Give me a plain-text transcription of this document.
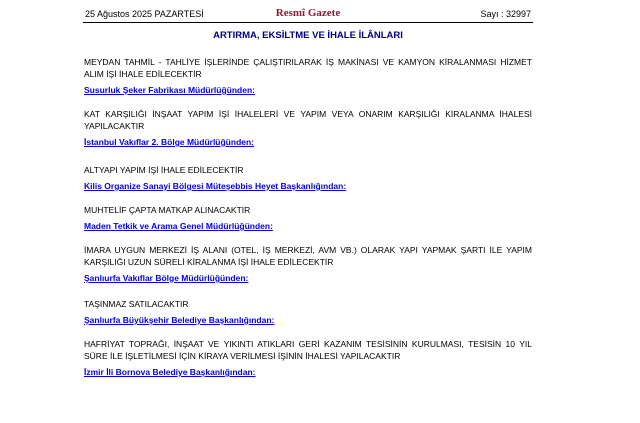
25 Ağustos 2025 PAZARTESİ	Resmî Gazete	Sayı : 32997
ARTIRMA, EKSİLTME VE İHALE İLÂNLARI
MEYDAN TAHMİL - TAHLİYE İŞLERİNDE ÇALIŞTIRILARAK İŞ MAKİNASI VE KAMYON KİRALANMASI HİZMET ALIM İŞİ İHALE EDİLECEKTİR
Susurluk Şeker Fabrikası Müdürlüğünden:
KAT KARŞILIĞI İNŞAAT YAPIM İŞİ İHALELERİ VE YAPIM VEYA ONARIM KARŞILIĞI KİRALANMA İHALESİ YAPILACAKTIR
İstanbul Vakıflar 2. Bölge Müdürlüğünden:
ALTYAPI YAPIM İŞİ İHALE EDİLECEKTİR
Kilis Organize Sanayi Bölgesi Müteşebbis Heyet Başkanlığından:
MUHTELİF ÇAPTA MATKAP ALINACAKTIR
Maden Tetkik ve Arama Genel Müdürlüğünden:
İMARA UYGUN MERKEZİ İŞ ALANI (OTEL, İŞ MERKEZİ, AVM VB.) OLARAK YAPI YAPMAK ŞARTI İLE YAPIM KARŞILIĞI UZUN SÜRELİ KİRALANMA İŞİ İHALE EDİLECEKTİR
Şanlıurfa Vakıflar Bölge Müdürlüğünden:
TAŞINMAZ SATILACAKTIR
Şanlıurfa Büyükşehir Belediye Başkanlığından:
HAFRİYAT TOPRAĞI, İNŞAAT VE YIKINTI ATIKLARI GERİ KAZANIM TESİSİNİN KURULMASI, TESİSİN 10 YIL SÜRE İLE İŞLETİLMESİ İÇİN KİRAYA VERİLMESİ İŞİNİN İHALESİ YAPILACAKTIR
İzmir İli Bornova Belediye Başkanlığından:
